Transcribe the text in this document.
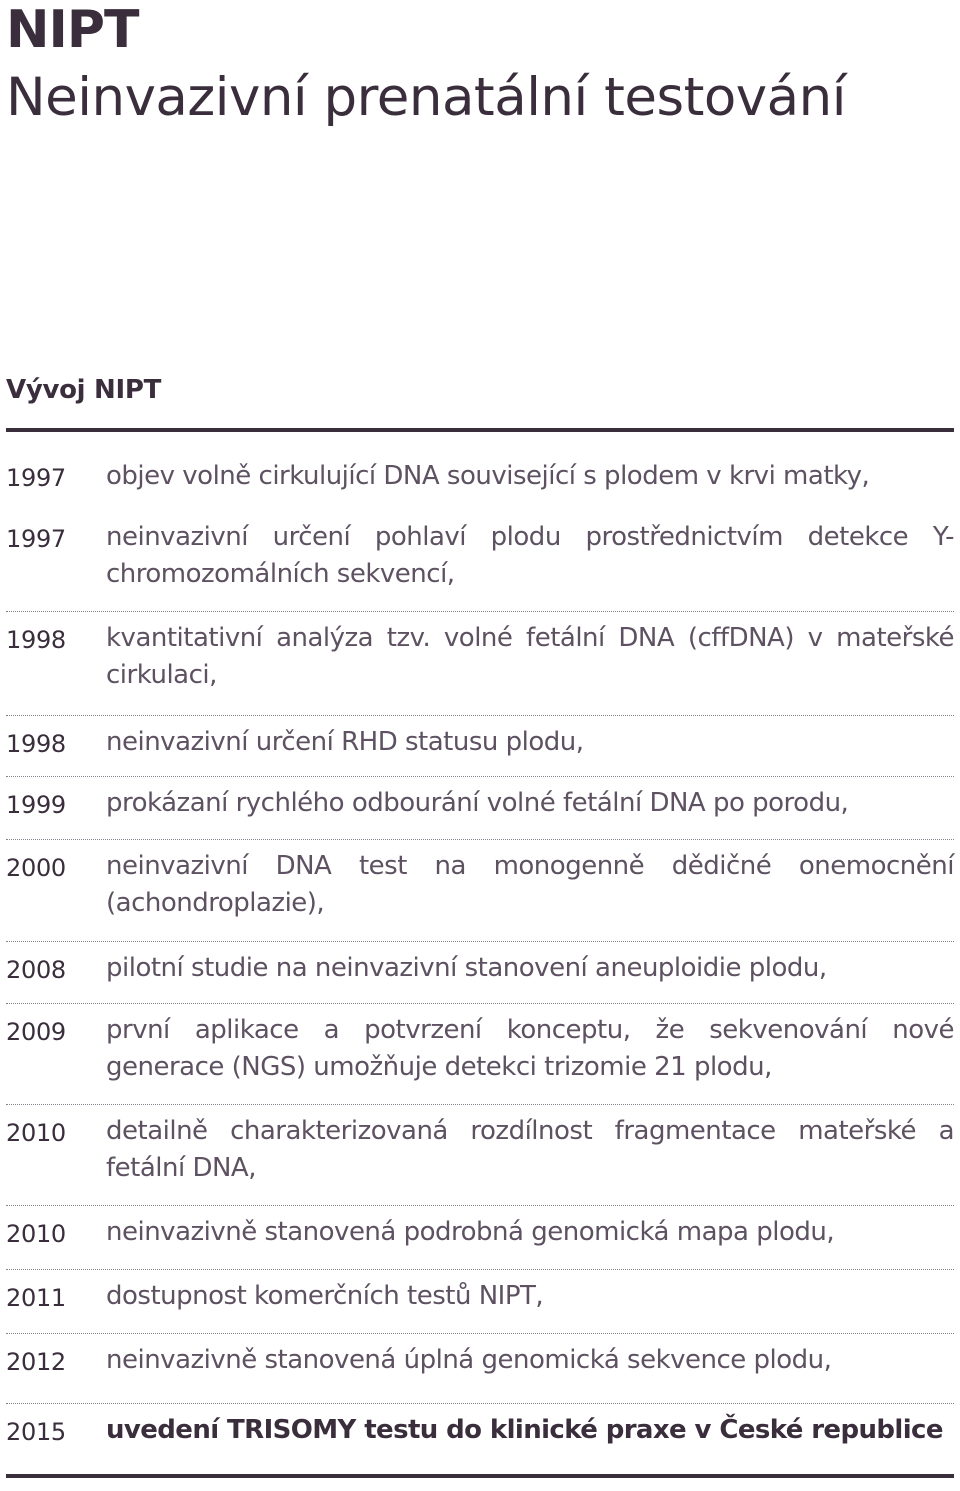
NIPT
Neinvazivní prenatální testování
Vývoj NIPT
1997	objev volně cirkulující DNA související s plodem v krvi matky,
1997	neinvazivní určení pohlaví plodu prostřednictvím detekce Y-chromozomálních sekvencí,
1998	kvantitativní analýza tzv. volné fetální DNA (cffDNA) v mateřské cirkulaci,
1998	neinvazivní určení RHD statusu plodu,
1999	prokázaní rychlého odbourání volné fetální DNA po porodu,
2000	neinvazivní DNA test na monogenně dědičné onemocnění (achondroplazie),
2008	pilotní studie na neinvazivní stanovení aneuploidie plodu,
2009	první aplikace a potvrzení konceptu, že sekvenování nové generace (NGS) umožňuje detekci trizomie 21 plodu,
2010	detailně charakterizovaná rozdílnost fragmentace mateřské a fetální DNA,
2010	neinvazivně stanovená podrobná genomická mapa plodu,
2011	dostupnost komerčních testů NIPT,
2012	neinvazivně stanovená úplná genomická sekvence plodu,
2015	uvedení TRISOMY testu do klinické praxe v České republice
